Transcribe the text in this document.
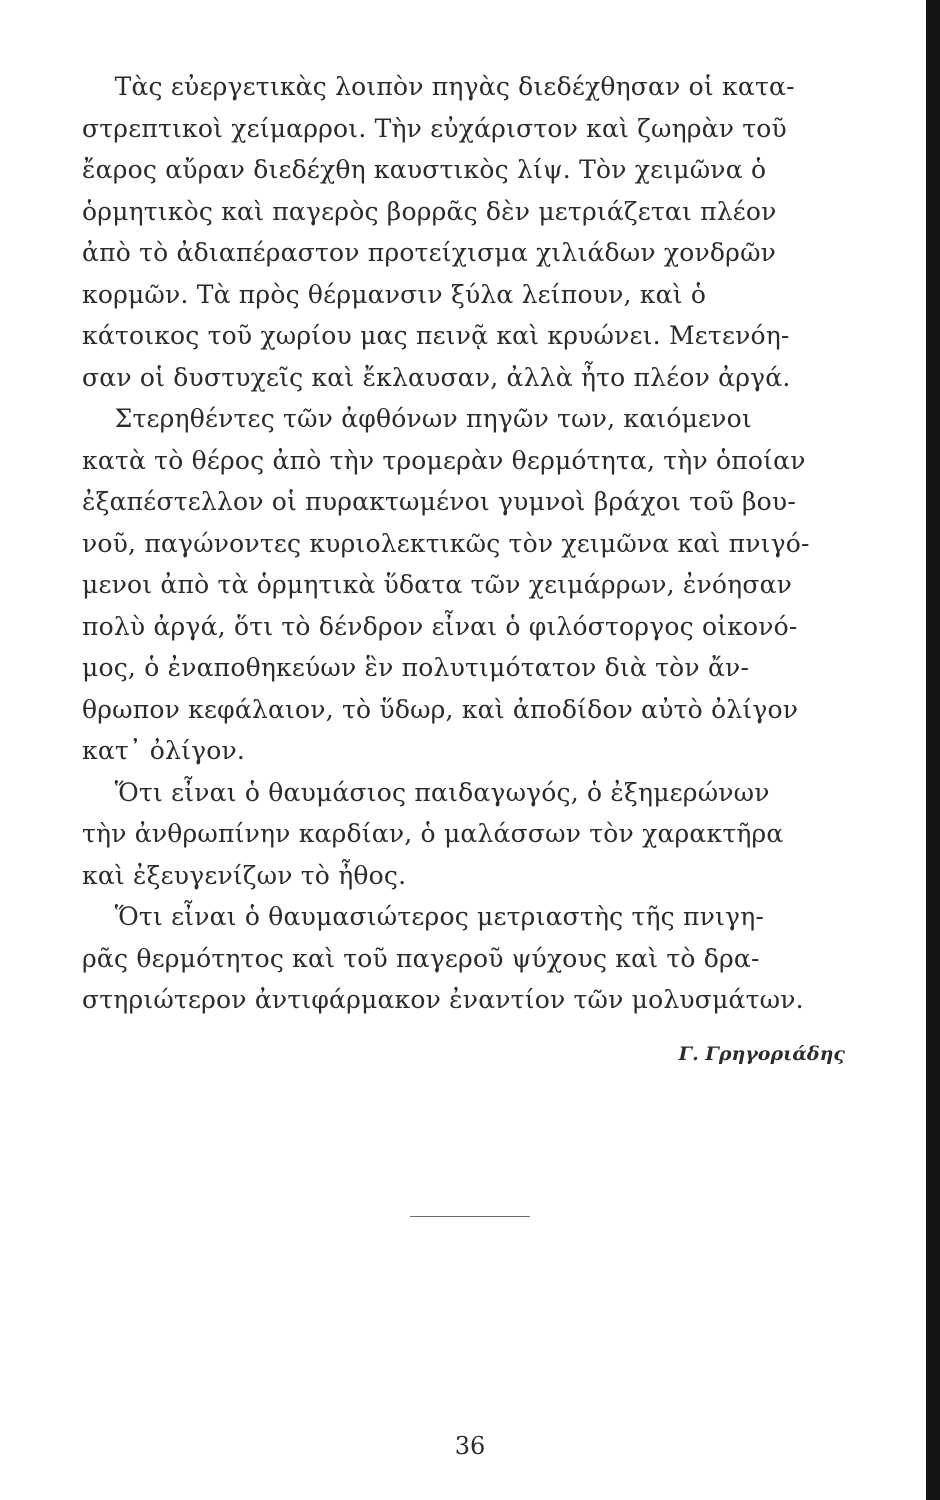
Τὰς εὐεργετικὰς λοιπὸν πηγὰς διεδέχθησαν οἱ κατα-
στρεπτικοὶ χείμαρροι. Τὴν εὐχάριστον καὶ ζωηρὰν τοῦ
ἔαρος αὔραν διεδέχθη καυστικὸς λίψ. Τὸν χειμῶνα ὁ
ὁρμητικὸς καὶ παγερὸς βορρᾶς δὲν μετριάζεται πλέον
ἀπὸ τὸ ἀδιαπέραστον προτείχισμα χιλιάδων χονδρῶν
κορμῶν. Τὰ πρὸς θέρμανσιν ξύλα λείπουν, καὶ ὁ
κάτοικος τοῦ χωρίου μας πεινᾷ καὶ κρυώνει. Μετενόη-
σαν οἱ δυστυχεῖς καὶ ἔκλαυσαν, ἀλλὰ ἦτο πλέον ἀργά.
Στερηθέντες τῶν ἀφθόνων πηγῶν των, καιόμενοι
κατὰ τὸ θέρος ἀπὸ τὴν τρομερὰν θερμότητα, τὴν ὁποίαν
ἐξαπέστελλον οἱ πυρακτωμένοι γυμνοὶ βράχοι τοῦ βου-
νοῦ, παγώνοντες κυριολεκτικῶς τὸν χειμῶνα καὶ πνιγό-
μενοι ἀπὸ τὰ ὁρμητικὰ ὕδατα τῶν χειμάρρων, ἐνόησαν
πολὺ ἀργά, ὅτι τὸ δένδρον εἶναι ὁ φιλόστοργος οἰκονό-
μος, ὁ ἐναποθηκεύων ἓν πολυτιμότατον διὰ τὸν ἄν-
θρωπον κεφάλαιον, τὸ ὕδωρ, καὶ ἀποδίδον αὐτὸ ὀλίγον
κατ᾽ ὀλίγον.
Ὅτι εἶναι ὁ θαυμάσιος παιδαγωγός, ὁ ἐξημερώνων
τὴν ἀνθρωπίνην καρδίαν, ὁ μαλάσσων τὸν χαρακτῆρα
καὶ ἐξευγενίζων τὸ ἦθος.
Ὅτι εἶναι ὁ θαυμασιώτερος μετριαστὴς τῆς πνιγη-
ρᾶς θερμότητος καὶ τοῦ παγεροῦ ψύχους καὶ τὸ δρα-
στηριώτερον ἀντιφάρμακον ἐναντίον τῶν μολυσμάτων.
Γ. Γρηγοριάδης
36
